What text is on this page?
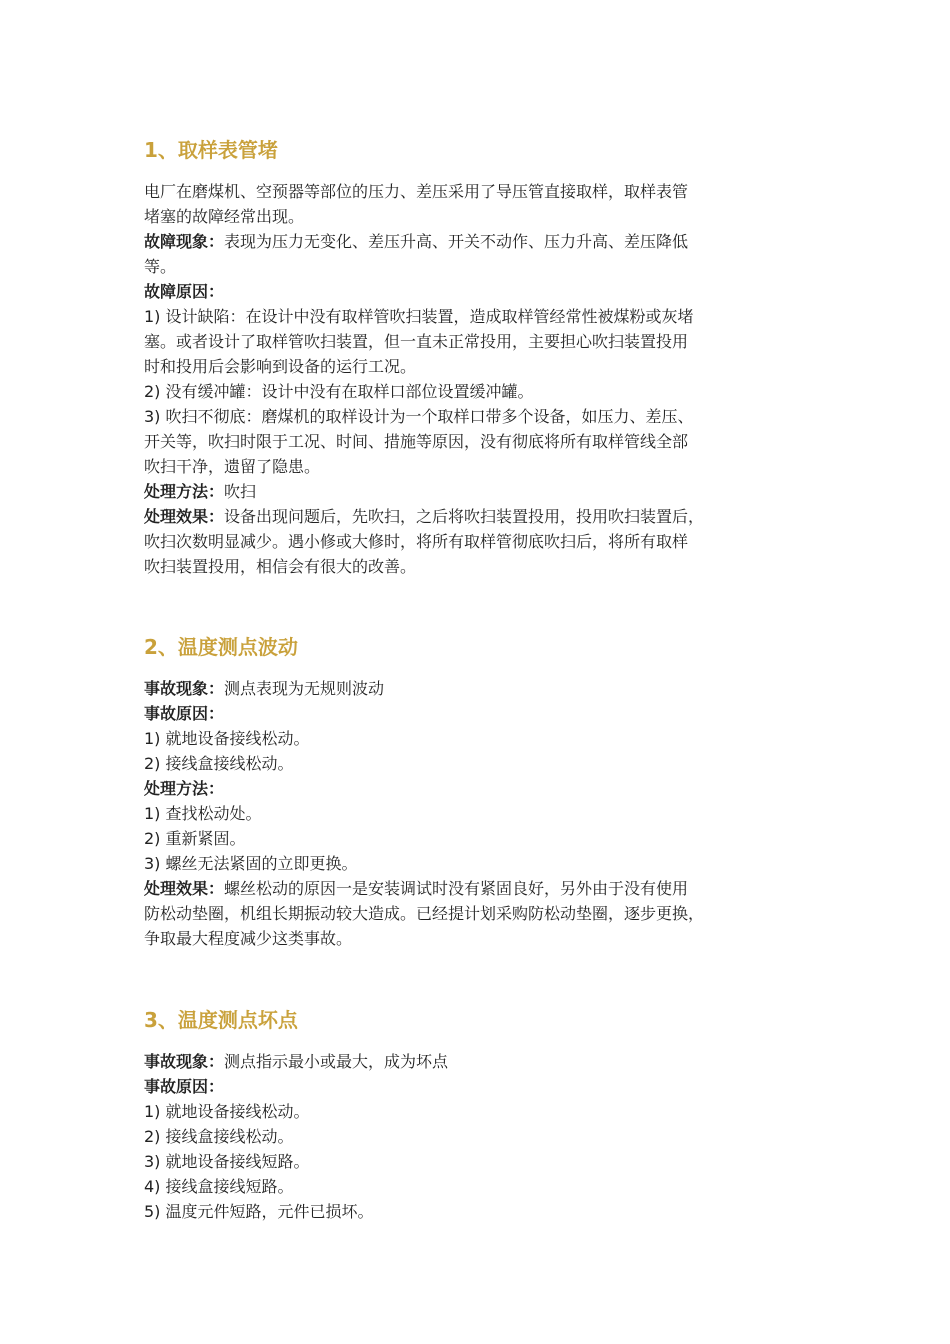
1、取样表管堵
电厂在磨煤机、空预器等部位的压力、差压采用了导压管直接取样，取样表管
堵塞的故障经常出现。
故障现象：表现为压力无变化、差压升高、开关不动作、压力升高、差压降低
等。
故障原因：
1) 设计缺陷：在设计中没有取样管吹扫装置，造成取样管经常性被煤粉或灰堵
塞。或者设计了取样管吹扫装置，但一直未正常投用，主要担心吹扫装置投用
时和投用后会影响到设备的运行工况。
2) 没有缓冲罐：设计中没有在取样口部位设置缓冲罐。
3) 吹扫不彻底：磨煤机的取样设计为一个取样口带多个设备，如压力、差压、
开关等，吹扫时限于工况、时间、措施等原因，没有彻底将所有取样管线全部
吹扫干净，遗留了隐患。
处理方法：吹扫
处理效果：设备出现问题后，先吹扫，之后将吹扫装置投用，投用吹扫装置后，
吹扫次数明显减少。遇小修或大修时，将所有取样管彻底吹扫后，将所有取样
吹扫装置投用，相信会有很大的改善。
2、温度测点波动
事故现象：测点表现为无规则波动
事故原因：
1) 就地设备接线松动。
2) 接线盒接线松动。
处理方法：
1) 查找松动处。
2) 重新紧固。
3) 螺丝无法紧固的立即更换。
处理效果：螺丝松动的原因一是安装调试时没有紧固良好，另外由于没有使用
防松动垫圈，机组长期振动较大造成。已经提计划采购防松动垫圈，逐步更换，
争取最大程度减少这类事故。
3、温度测点坏点
事故现象：测点指示最小或最大，成为坏点
事故原因：
1) 就地设备接线松动。
2) 接线盒接线松动。
3) 就地设备接线短路。
4) 接线盒接线短路。
5) 温度元件短路，元件已损坏。
